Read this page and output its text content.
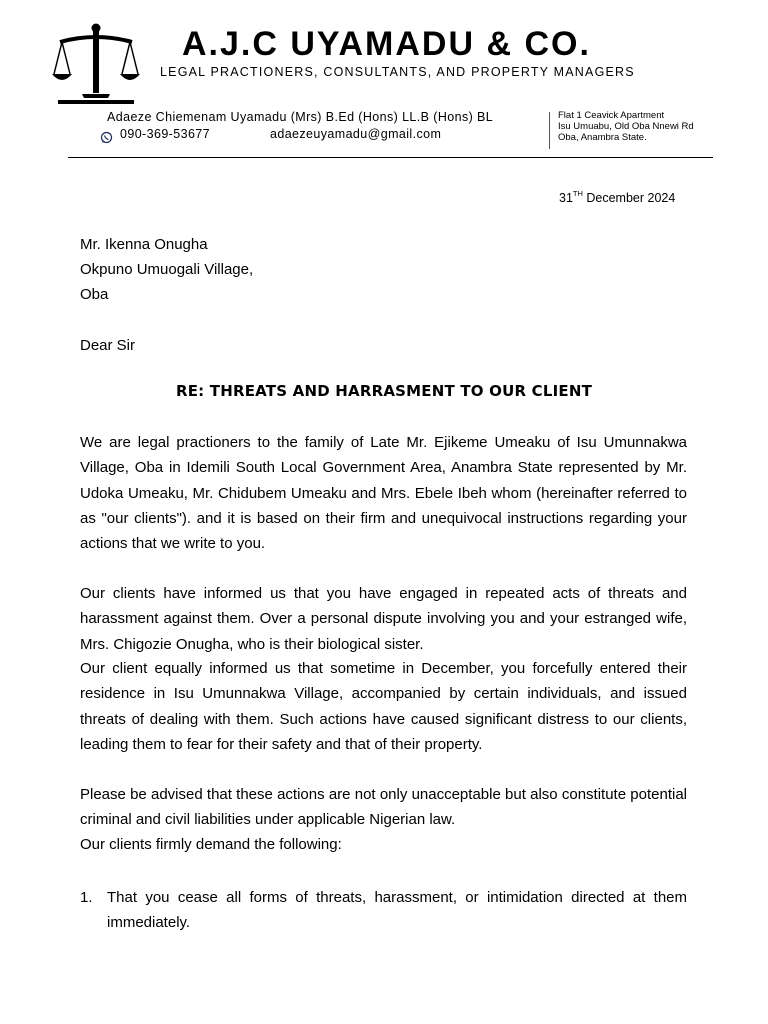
A.J.C UYAMADU & CO.
LEGAL PRACTIONERS, CONSULTANTS, AND PROPERTY MANAGERS
Adaeze Chiemenam Uyamadu (Mrs) B.Ed (Hons) LL.B (Hons) BL
090-369-53677	adaezeuyamadu@gmail.com
Flat 1 Ceavick Apartment
Isu Umuabu, Old Oba Nnewi Rd
Oba, Anambra State.
31TH December 2024
Mr. Ikenna Onugha
Okpuno Umuogali Village,
Oba
Dear Sir
RE: THREATS AND HARRASMENT TO OUR CLIENT
We are legal practioners to the family of Late Mr. Ejikeme Umeaku of Isu Umunnakwa Village, Oba in Idemili South Local Government Area, Anambra State represented by Mr. Udoka Umeaku, Mr. Chidubem Umeaku and Mrs. Ebele Ibeh whom (hereinafter referred to as "our clients"). and it is based on their firm and unequivocal instructions regarding your actions that we write to you.
Our clients have informed us that you have engaged in repeated acts of threats and harassment against them. Over a personal dispute involving you and your estranged wife, Mrs. Chigozie Onugha, who is their biological sister.
Our client equally informed us that sometime in December, you forcefully entered their residence in Isu Umunnakwa Village, accompanied by certain individuals, and issued threats of dealing with them. Such actions have caused significant distress to our clients, leading them to fear for their safety and that of their property.
Please be advised that these actions are not only unacceptable but also constitute potential criminal and civil liabilities under applicable Nigerian law.
Our clients firmly demand the following:
1. That you cease all forms of threats, harassment, or intimidation directed at them immediately.
